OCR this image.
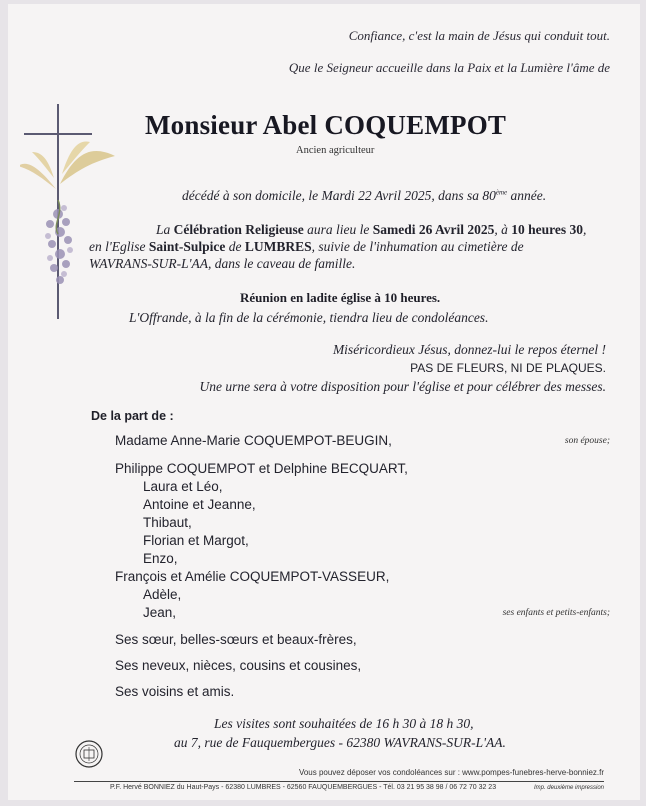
Confiance, c'est la main de Jésus qui conduit tout.
Que le Seigneur accueille dans la Paix et la Lumière l'âme de
Monsieur Abel COQUEMPOT
Ancien agriculteur
décédé à son domicile, le Mardi 22 Avril 2025, dans sa 80ème année.
La Célébration Religieuse aura lieu le Samedi 26 Avril 2025, à 10 heures 30,
en l'Eglise Saint-Sulpice de LUMBRES, suivie de l'inhumation au cimetière de
WAVRANS-SUR-L'AA, dans le caveau de famille.
Réunion en ladite église à 10 heures.
L'Offrande, à la fin de la cérémonie, tiendra lieu de condoléances.
Miséricordieux Jésus, donnez-lui le repos éternel !
PAS DE FLEURS, NI DE PLAQUES.
Une urne sera à votre disposition pour l'église et pour célébrer des messes.
De la part de :
Madame Anne-Marie COQUEMPOT-BEUGIN,	son épouse;
Philippe COQUEMPOT et Delphine BECQUART,
Laura et Léo,
Antoine et Jeanne,
Thibaut,
Florian et Margot,
Enzo,
François et Amélie COQUEMPOT-VASSEUR,
Adèle,
Jean,	ses enfants et petits-enfants;
Ses sœur, belles-sœurs et beaux-frères,
Ses neveux, nièces, cousins et cousines,
Ses voisins et amis.
Les visites sont souhaitées de 16 h 30 à 18 h 30,
au 7, rue de Fauquembergues - 62380 WAVRANS-SUR-L'AA.
Vous pouvez déposer vos condoléances sur : www.pompes-funebres-herve-bonniez.fr
P.F. Hervé BONNIEZ du Haut-Pays - 62380 LUMBRES - 62560 FAUQUEMBERGUES - Tél. 03 21 95 38 98 / 06 72 70 32 23	Imp. deuxième impression
